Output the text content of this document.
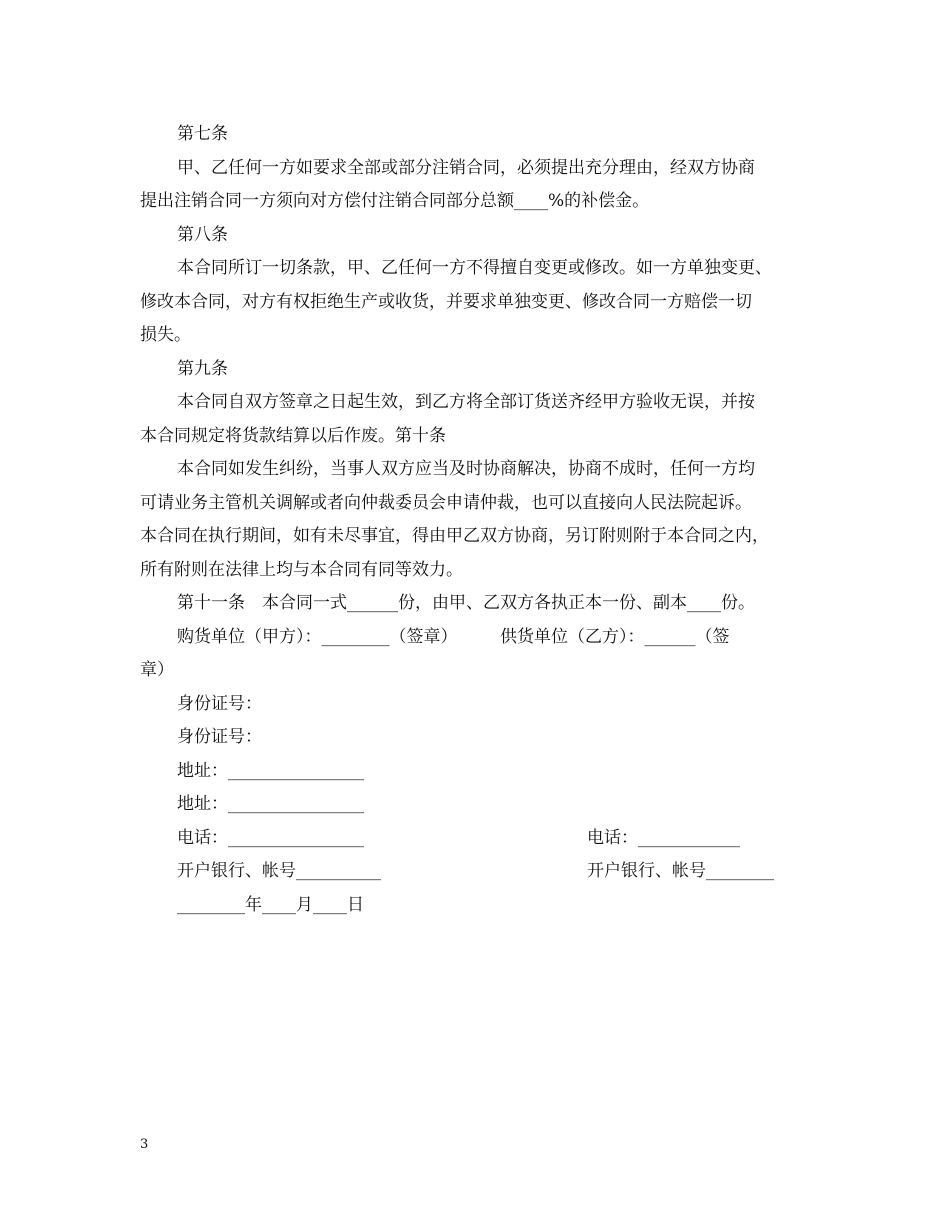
第七条
甲、乙任何一方如要求全部或部分注销合同，必须提出充分理由，经双方协商
提出注销合同一方须向对方偿付注销合同部分总额____%的补偿金。
第八条
本合同所订一切条款，甲、乙任何一方不得擅自变更或修改。如一方单独变更、
修改本合同，对方有权拒绝生产或收货，并要求单独变更、修改合同一方赔偿一切
损失。
第九条
本合同自双方签章之日起生效，到乙方将全部订货送齐经甲方验收无误，并按
本合同规定将货款结算以后作废。第十条
本合同如发生纠纷，当事人双方应当及时协商解决，协商不成时，任何一方均
可请业务主管机关调解或者向仲裁委员会申请仲裁，也可以直接向人民法院起诉。
本合同在执行期间，如有未尽事宜，得由甲乙双方协商，另订附则附于本合同之内，
所有附则在法律上均与本合同有同等效力。
第十一条　本合同一式______份，由甲、乙双方各执正本一份、副本____份。
购货单位（甲方）：________（签章）　　　供货单位（乙方）：______（签
章）
身份证号：
身份证号：
地址：________________
地址：________________
电话：________________	电话：____________
开户银行、帐号__________	开户银行、帐号________
________年____月____日
3
